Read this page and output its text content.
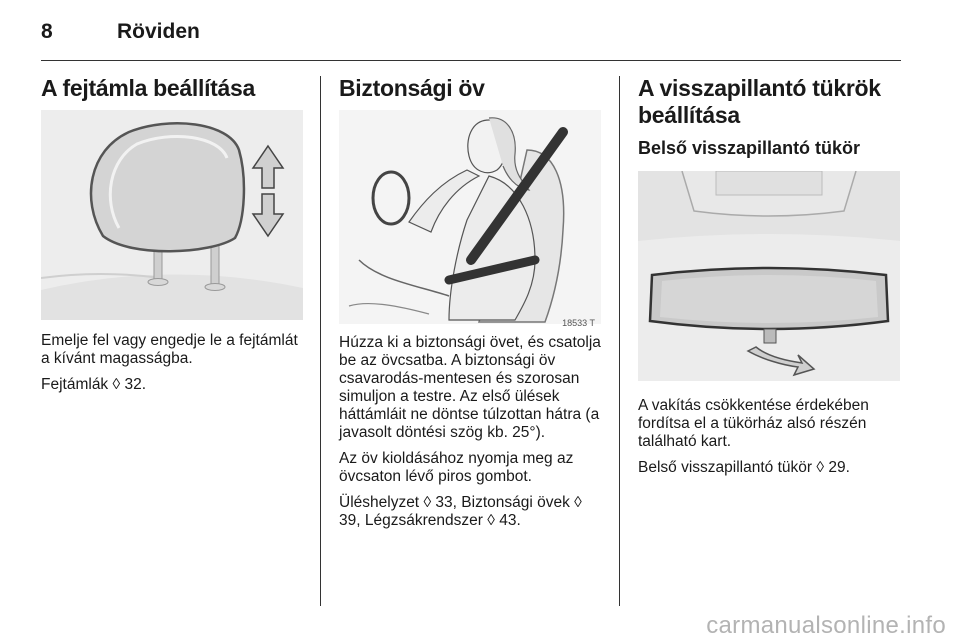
8	Röviden
A fejtámla beállítása

Emelje fel vagy engedje le a fejtámlát a kívánt magasságba.

Fejtámlák ◊ 32.

Biztonsági öv
18533 T

Húzza ki a biztonsági övet, és csatolja be az övcsatba. A biztonsági öv csavarodás-mentesen és szorosan simuljon a testre. Az első ülések háttámláit ne döntse túlzottan hátra (a javasolt döntési szög kb. 25°).

Az öv kioldásához nyomja meg az övcsaton lévő piros gombot.

Üléshelyzet ◊ 33, Biztonsági övek ◊ 39, Légzsákrendszer ◊ 43.

A visszapillantó tükrök beállítása
Belső visszapillantó tükör

A vakítás csökkentése érdekében fordítsa el a tükörház alsó részén található kart.

Belső visszapillantó tükör ◊ 29.

carmanualsonline.info
